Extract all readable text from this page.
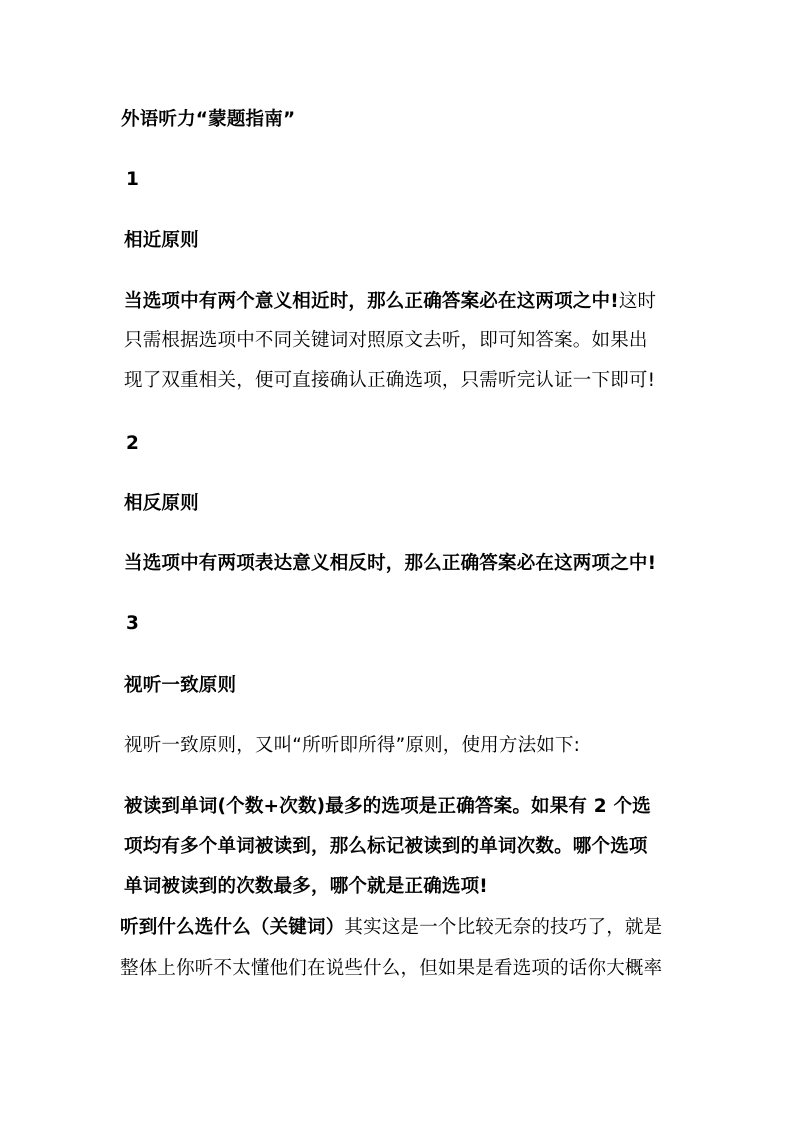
外语听力“蒙题指南”
1
相近原则
当选项中有两个意义相近时，那么正确答案必在这两项之中!这时
只需根据选项中不同关键词对照原文去听，即可知答案。如果出
现了双重相关，便可直接确认正确选项，只需听完认证一下即可!
2
相反原则
当选项中有两项表达意义相反时，那么正确答案必在这两项之中!
3
视听一致原则
视听一致原则，又叫“所听即所得”原则，使用方法如下:
被读到单词(个数+次数)最多的选项是正确答案。如果有 2 个选
项均有多个单词被读到，那么标记被读到的单词次数。哪个选项
单词被读到的次数最多，哪个就是正确选项!
听到什么选什么（关键词）其实这是一个比较无奈的技巧了，就是
整体上你听不太懂他们在说些什么，但如果是看选项的话你大概率
